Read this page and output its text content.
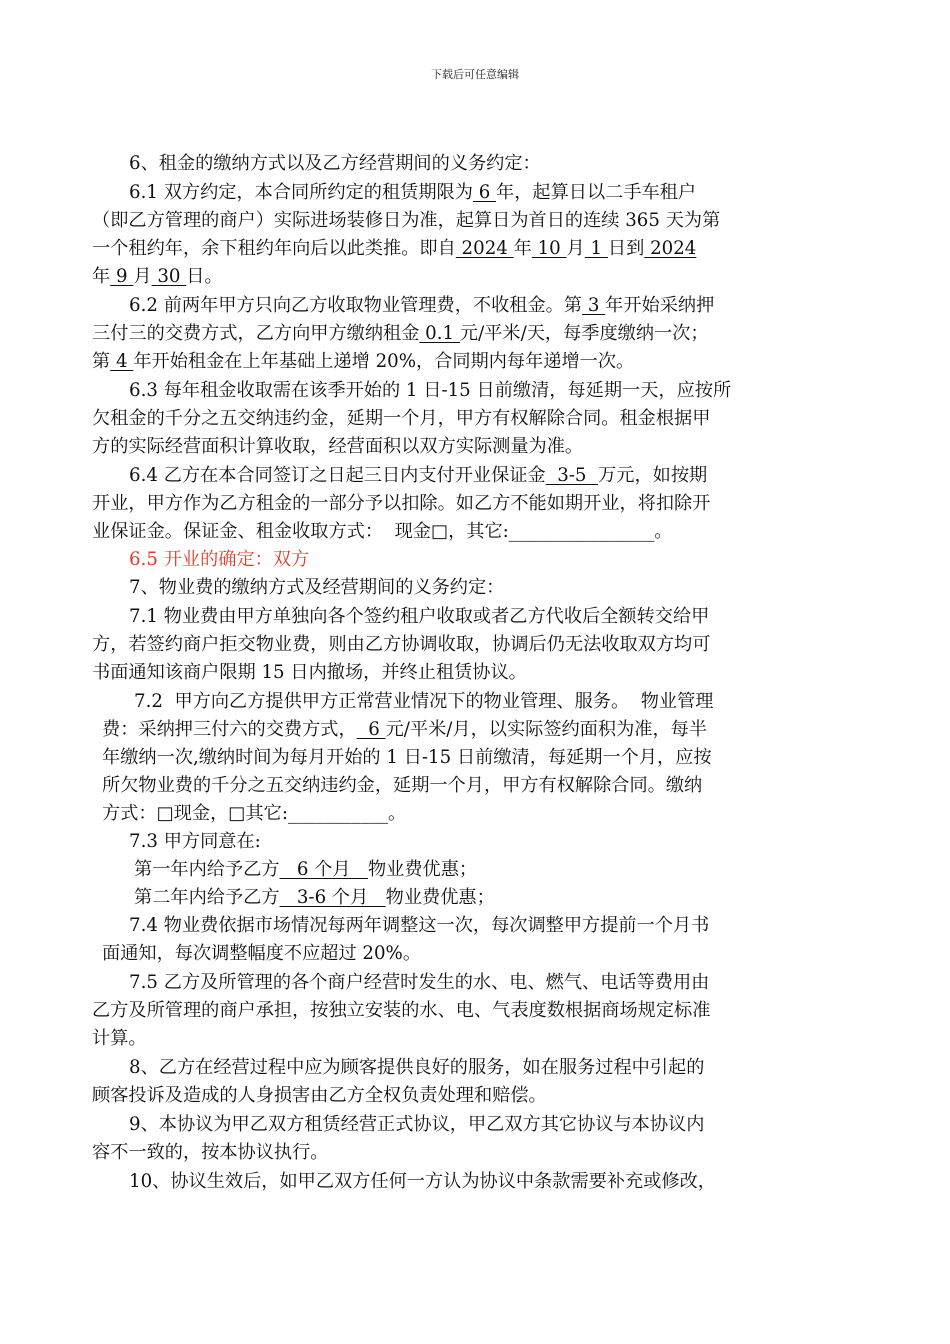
下载后可任意编辑
6、租金的缴纳方式以及乙方经营期间的义务约定：
6.1 双方约定，本合同所约定的租赁期限为 6 年，起算日以二手车租户
（即乙方管理的商户）实际进场装修日为准，起算日为首日的连续 365 天为第
一个租约年，余下租约年向后以此类推。即自 2024 年 10 月 1 日到 2024
年 9 月 30 日。
6.2 前两年甲方只向乙方收取物业管理费，不收租金。第 3 年开始采纳押
三付三的交费方式，乙方向甲方缴纳租金 0.1 元/平米/天，每季度缴纳一次；
第 4 年开始租金在上年基础上递增 20%，合同期内每年递增一次。
6.3 每年租金收取需在该季开始的 1 日-15 日前缴清，每延期一天，应按所
欠租金的千分之五交纳违约金，延期一个月，甲方有权解除合同。租金根据甲
方的实际经营面积计算收取，经营面积以双方实际测量为准。
6.4 乙方在本合同签订之日起三日内支付开业保证金  3-5  万元，如按期
开业，甲方作为乙方租金的一部分予以扣除。如乙方不能如期开业，将扣除开
业保证金。保证金、租金收取方式：  现金□，其它:________________。
6.5 开业的确定：双方
7、物业费的缴纳方式及经营期间的义务约定：
7.1 物业费由甲方单独向各个签约租户收取或者乙方代收后全额转交给甲
方，若签约商户拒交物业费，则由乙方协调收取，协调后仍无法收取双方均可
书面通知该商户限期 15 日内撤场，并终止租赁协议。
7.2  甲方向乙方提供甲方正常营业情况下的物业管理、服务。  物业管理
费：采纳押三付六的交费方式，  6 元/平米/月，以实际签约面积为准，每半
年缴纳一次,缴纳时间为每月开始的 1 日-15 日前缴清，每延期一个月，应按
所欠物业费的千分之五交纳违约金，延期一个月，甲方有权解除合同。缴纳
方式：□现金，□其它:___________。
7.3 甲方同意在:
第一年内给予乙方   6 个月   物业费优惠；
第二年内给予乙方   3-6 个月   物业费优惠；
7.4 物业费依据市场情况每两年调整这一次，每次调整甲方提前一个月书
面通知，每次调整幅度不应超过 20%。
7.5 乙方及所管理的各个商户经营时发生的水、电、燃气、电话等费用由
乙方及所管理的商户承担，按独立安装的水、电、气表度数根据商场规定标准
计算。
8、乙方在经营过程中应为顾客提供良好的服务，如在服务过程中引起的
顾客投诉及造成的人身损害由乙方全权负责处理和赔偿。
9、本协议为甲乙双方租赁经营正式协议，甲乙双方其它协议与本协议内
容不一致的，按本协议执行。
10、协议生效后，如甲乙双方任何一方认为协议中条款需要补充或修改，
